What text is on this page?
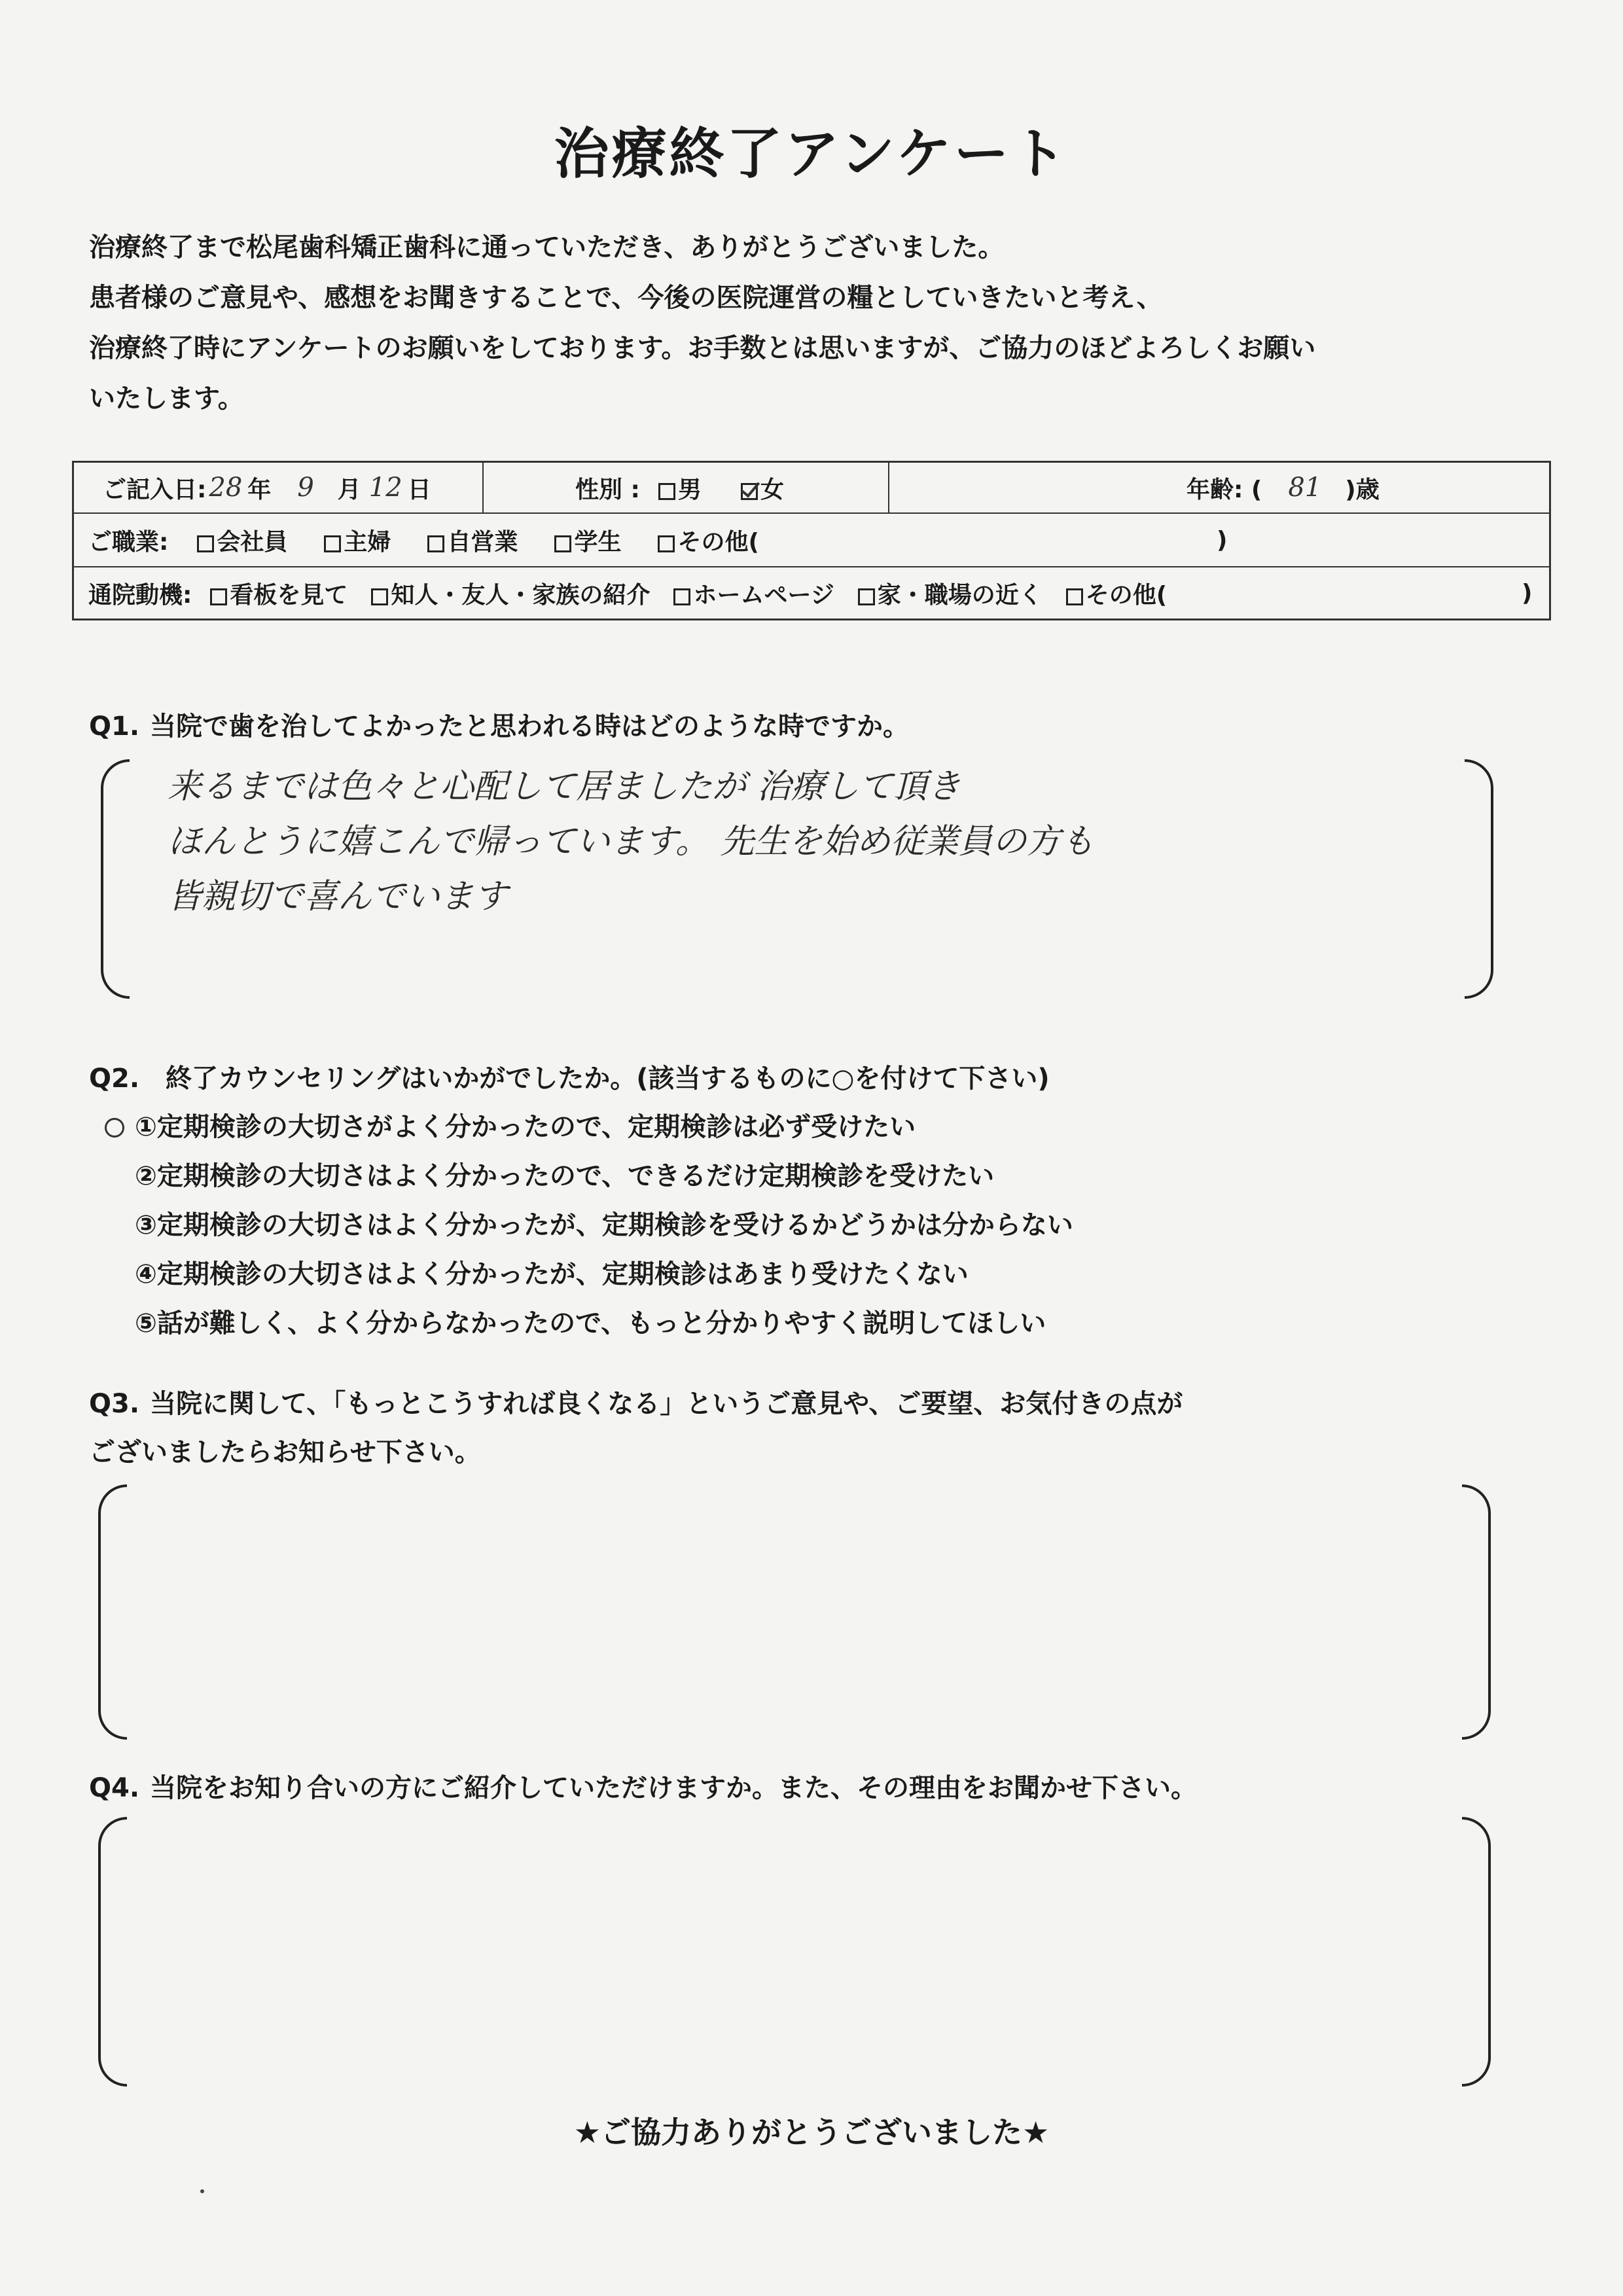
治療終了アンケート
治療終了まで松尾歯科矯正歯科に通っていただき、ありがとうございました。
患者様のご意見や、感想をお聞きすることで、今後の医院運営の糧としていきたいと考え、
治療終了時にアンケートのお願いをしております。お手数とは思いますが、ご協力のほどよろしくお願い
いたします。
ご記入日: 28 年 9 月 12 日	性別 :	男	女	年齢: ( 81 )歳
ご職業:	会社員	主婦	自営業	学生	その他(	)
通院動機:	看板を見て	知人・友人・家族の紹介	ホームページ	家・職場の近く	その他(	)
Q1. 当院で歯を治してよかったと思われる時はどのような時ですか。
来るまでは色々と心配して居ましたが 治療して頂き
ほんとうに嬉こんで帰っています。 先生を始め従業員の方も
皆親切で喜んでいます
Q2. 終了カウンセリングはいかがでしたか。(該当するものに○を付けて下さい)
①定期検診の大切さがよく分かったので、定期検診は必ず受けたい
②定期検診の大切さはよく分かったので、できるだけ定期検診を受けたい
③定期検診の大切さはよく分かったが、定期検診を受けるかどうかは分からない
④定期検診の大切さはよく分かったが、定期検診はあまり受けたくない
⑤話が難しく、よく分からなかったので、もっと分かりやすく説明してほしい
Q3. 当院に関して、「もっとこうすれば良くなる」というご意見や、ご要望、お気付きの点が
ございましたらお知らせ下さい。
Q4. 当院をお知り合いの方にご紹介していただけますか。また、その理由をお聞かせ下さい。
★ご協力ありがとうございました★
